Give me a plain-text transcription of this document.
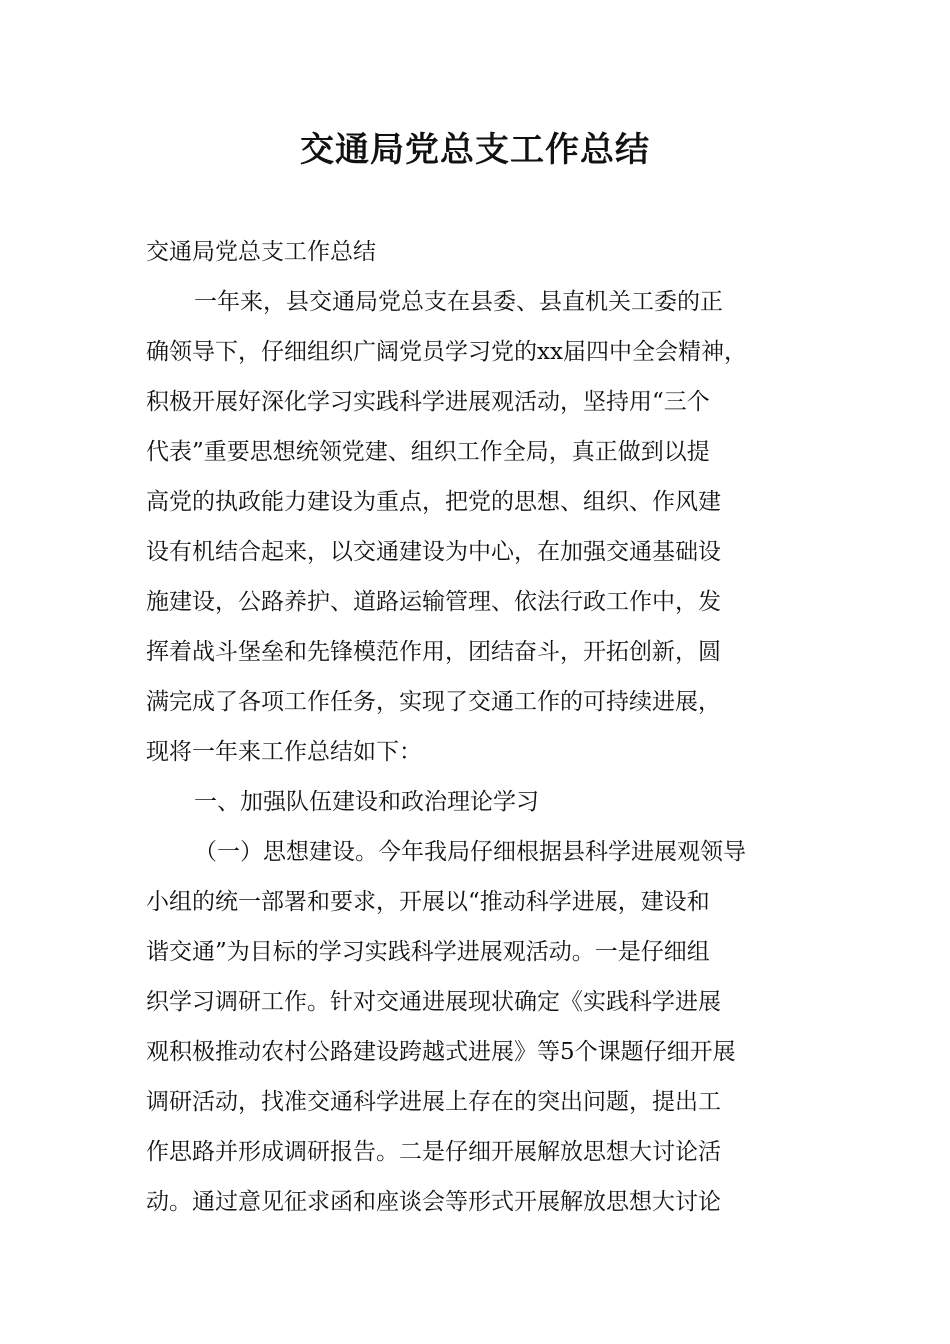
交通局党总支工作总结
交通局党总支工作总结
一年来，县交通局党总支在县委、县直机关工委的正
确领导下，仔细组织广阔党员学习党的xx届四中全会精神，
积极开展好深化学习实践科学进展观活动，坚持用“三个
代表”重要思想统领党建、组织工作全局，真正做到以提
高党的执政能力建设为重点，把党的思想、组织、作风建
设有机结合起来，以交通建设为中心，在加强交通基础设
施建设，公路养护、道路运输管理、依法行政工作中，发
挥着战斗堡垒和先锋模范作用，团结奋斗，开拓创新，圆
满完成了各项工作任务，实现了交通工作的可持续进展，
现将一年来工作总结如下：
一、加强队伍建设和政治理论学习
（一）思想建设。今年我局仔细根据县科学进展观领导
小组的统一部署和要求，开展以“推动科学进展，建设和
谐交通”为目标的学习实践科学进展观活动。一是仔细组
织学习调研工作。针对交通进展现状确定《实践科学进展
观积极推动农村公路建设跨越式进展》等5个课题仔细开展
调研活动，找准交通科学进展上存在的突出问题，提出工
作思路并形成调研报告。二是仔细开展解放思想大讨论活
动。通过意见征求函和座谈会等形式开展解放思想大讨论
